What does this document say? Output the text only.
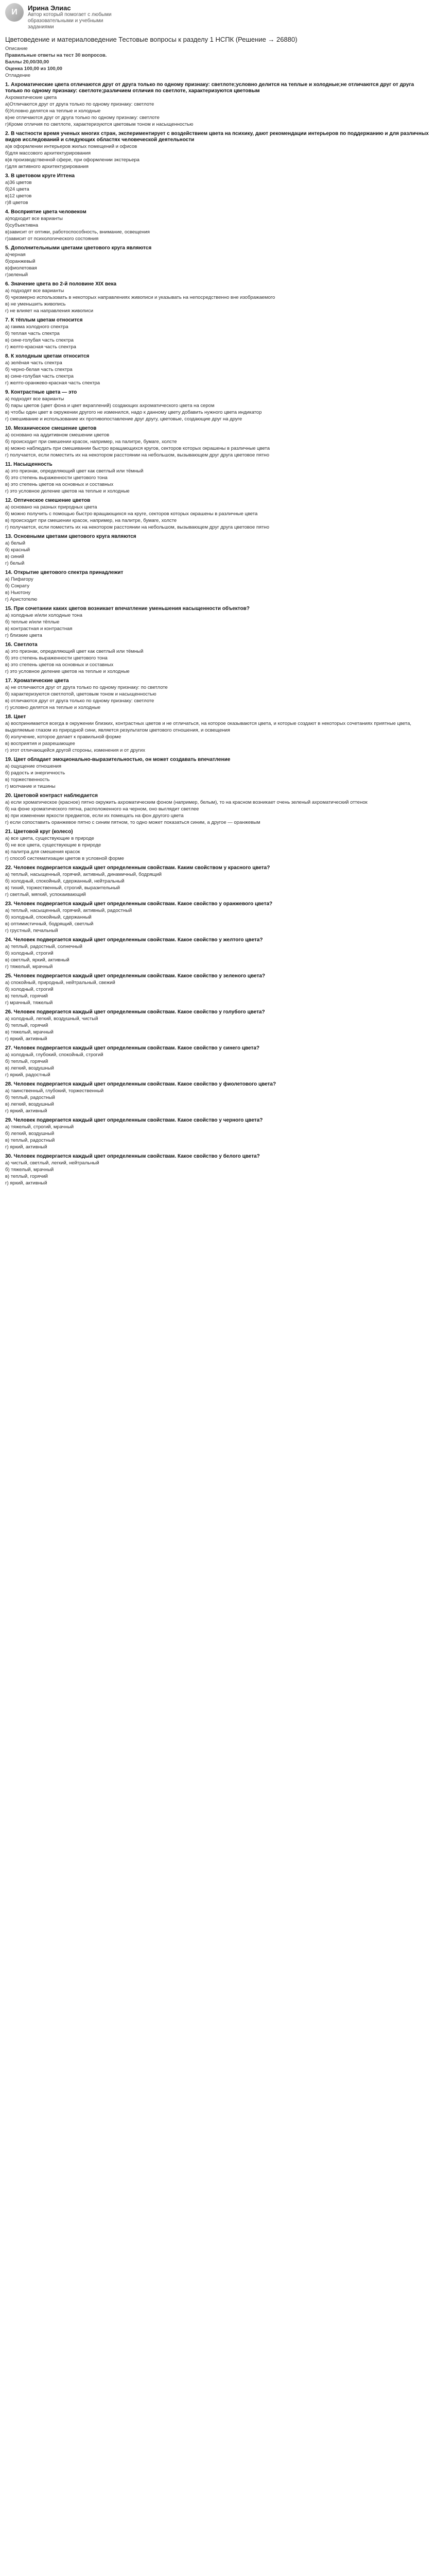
И	Ирина Элиас
Автор который помогает с любыми образовательными и учебными заданиями
Цветоведение и материаловедение Тестовые вопросы к разделу 1 НСПК (Решение → 26880)
Описание
Правильные ответы на тест 30 вопросов.
Баллы 20,00/30,00
Оценка 100,00 из 100,00
Отладение
1. Ахроматические цвета отличаются друг от друга только по одному признаку: светлоте;условно делится на теплые и холодные;не отличаются друг от друга только по одному признаку: светлоте;различием отличия по светлоте, характеризуются цветовым
Ахроматические цвета
а)Отличаются друг от друга только по одному признаку: светлоте
б)Условно делятся на теплые и холодные
в)не отличаются друг от друга только по одному признаку: светлоте
г)Кроме отличия по светлоте, характеризуются цветовым тоном и насыщенностью
2. В частности время ученых многих стран, экспериментирует с воздействием цвета на психику, дают рекомендации интерьеров по поддержанию и для различных видов исследований и следующих областях человеческой деятельности
а)в оформлении интерьеров жилых помещений и офисов
б)для массового архитектурирования
в)в производственной сфере, при оформлении экстерьера
г)для активного архитектурирования
3. В цветовом круге Иттена
а)36 цветов
б)24 цвета
в)12 цветов
г)8 цветов
4. Восприятие цвета человеком
а)подходит все варианты
б)субъективна
в)зависит от оптики, работоспособность, внимание, освещения
г)зависит от психологического состояния
5. Дополнительными цветами цветового круга являются
а)черная
б)оранжевый
в)фиолетовая
г)зеленый
6. Значение цвета во 2-й половине XIX века
а) подходят все варианты
б) чрезмерно использовать в некоторых направлениях живописи и указывать на непосредственно вне изображаемого
в) не уменьшить живопись
г) не влияет на направления живописи
7. К тёплым цветам относится
а) гамма холодного спектра
б) теплая часть спектра
в) сине-голубая часть спектра
г) желто-красная часть спектра
8. К холодным цветам относится
а) зелёная часть спектра
б) черно-белая часть спектра
в) сине-голубая часть спектра
г) желто-оранжево-красная часть спектра
9. Контрастные цвета — это
а) подходят все варианты
б) пары цветов (цвет фона и цвет вкраплений) создающих ахроматического цвета на сером
в) чтобы один цвет в окружении другого не изменился, надо к данному цвету добавить нужного цвета индикатор
г) смешивание и использование их противопоставление друг другу, цветовые, создающие друг на друге
10. Механическое смешение цветов
а) основано на аддитивном смешении цветов
б) происходит при смешении красок, например, на палитре, бумаге, холсте
в) можно наблюдать при смешивании быстро вращающихся кругов, секторов которых окрашены в различные цвета
г) получается, если поместить их на некотором расстоянии на небольшом, вызывающем друг друга цветовое пятно
11. Насыщенность
а) это признак, определяющий цвет как светлый или тёмный
б) это степень выраженности цветового тона
в) это степень цветов на основных и составных
г) это условное деление цветов на теплые и холодные
12. Оптическое смешение цветов
а) основано на разных природных цвета
б) можно получить с помощью быстро вращающихся на круге, секторов которых окрашены в различные цвета
в) происходит при смешении красок, например, на палитре, бумаге, холсте
г) получается, если поместить их на некотором расстоянии на небольшом, вызывающем друг друга цветовое пятно
13. Основными цветами цветового круга являются
а) белый
б) красный
в) синий
г) белый
14. Открытие цветового спектра принадлежит
а) Пифагору
б) Сократу
в) Ньютону
г) Аристотелю
15. При сочетании каких цветов возникает впечатление уменьшения насыщенности объектов?
а) холодные и/или холодные тона
б) теплые и/или тёплые
в) контрастная и контрастная
г) близкие цвета
16. Светлота
а) это признак, определяющий цвет как светлый или тёмный
б) это степень выраженности цветового тона
в) это степень цветов на основных и составных
г) это условное деление цветов на теплые и холодные
17. Хроматические цвета
а) не отличаются друг от друга только по одному признаку: по светлоте
б) характеризуются светлотой, цветовым тоном и насыщенностью
в) отличаются друг от друга только по одному признаку: светлоте
г) условно делятся на теплые и холодные
18. Цвет
а) воспринимается всегда в окружении близких, контрастных цветов и не отличаться, на которое оказываются цвета, и которые создают в некоторых сочетаниях приятные цвета, выделяемые глазом из природной сини, является результатом цветового отношения, и освещения
б) излучение, которое делает к правильной форме
в) восприятия и разрешающее
г) этот отличающейся другой стороны, изменения и от других
19. Цвет обладает эмоционально-выразительностью, он может создавать впечатление
а) ощущение отношения
б) радость и энергичность
в) торжественность
г) молчание и тишины
20. Цветовой контраст наблюдается
а) если хроматическое (красное) пятно окружить ахроматическим фоном (например, белым), то на красном возникает очень зеленый ахроматический оттенок
б) на фоне хроматического пятна, расположенного на черном, оно выглядит светлее
в) при изменении яркости предметов, если их помещать на фон другого цвета
г) если сопоставить оранжевое пятно с синим пятном, то одно может показаться синим, а другое — оранжевым
21. Цветовой круг (колесо)
а) все цвета, существующие в природе
б) не все цвета, существующие в природе
в) палитра для смешения красок
г) способ систематизации цветов в условной форме
22. Человек подвергается каждый цвет определенным свойствам. Каким свойством у красного цвета?
а) теплый, насыщенный, горячий, активный, динамичный, бодрящий
б) холодный, спокойный, сдержанный, нейтральный
в) тихий, торжественный, строгий, выразительный
г) светлый, мягкий, успокаивающий
23. Человек подвергается каждый цвет определенным свойствам. Какое свойство у оранжевого цвета?
а) теплый, насыщенный, горячий, активный, радостный
б) холодный, спокойный, сдержанный
в) оптимистичный, бодрящий, светлый
г) грустный, печальный
24. Человек подвергается каждый цвет определенным свойствам. Какое свойство у желтого цвета?
а) теплый, радостный, солнечный
б) холодный, строгий
в) светлый, яркий, активный
г) тяжелый, мрачный
25. Человек подвергается каждый цвет определенным свойствам. Какое свойство у зеленого цвета?
а) спокойный, природный, нейтральный, свежий
б) холодный, строгий
в) теплый, горячий
г) мрачный, тяжелый
26. Человек подвергается каждый цвет определенным свойствам. Какое свойство у голубого цвета?
а) холодный, легкий, воздушный, чистый
б) теплый, горячий
в) тяжелый, мрачный
г) яркий, активный
27. Человек подвергается каждый цвет определенным свойствам. Какое свойство у синего цвета?
а) холодный, глубокий, спокойный, строгий
б) теплый, горячий
в) легкий, воздушный
г) яркий, радостный
28. Человек подвергается каждый цвет определенным свойствам. Какое свойство у фиолетового цвета?
а) таинственный, глубокий, торжественный
б) теплый, радостный
в) легкий, воздушный
г) яркий, активный
29. Человек подвергается каждый цвет определенным свойствам. Какое свойство у черного цвета?
а) тяжелый, строгий, мрачный
б) легкий, воздушный
в) теплый, радостный
г) яркий, активный
30. Человек подвергается каждый цвет определенным свойствам. Какое свойство у белого цвета?
а) чистый, светлый, легкий, нейтральный
б) тяжелый, мрачный
в) теплый, горячий
г) яркий, активный
